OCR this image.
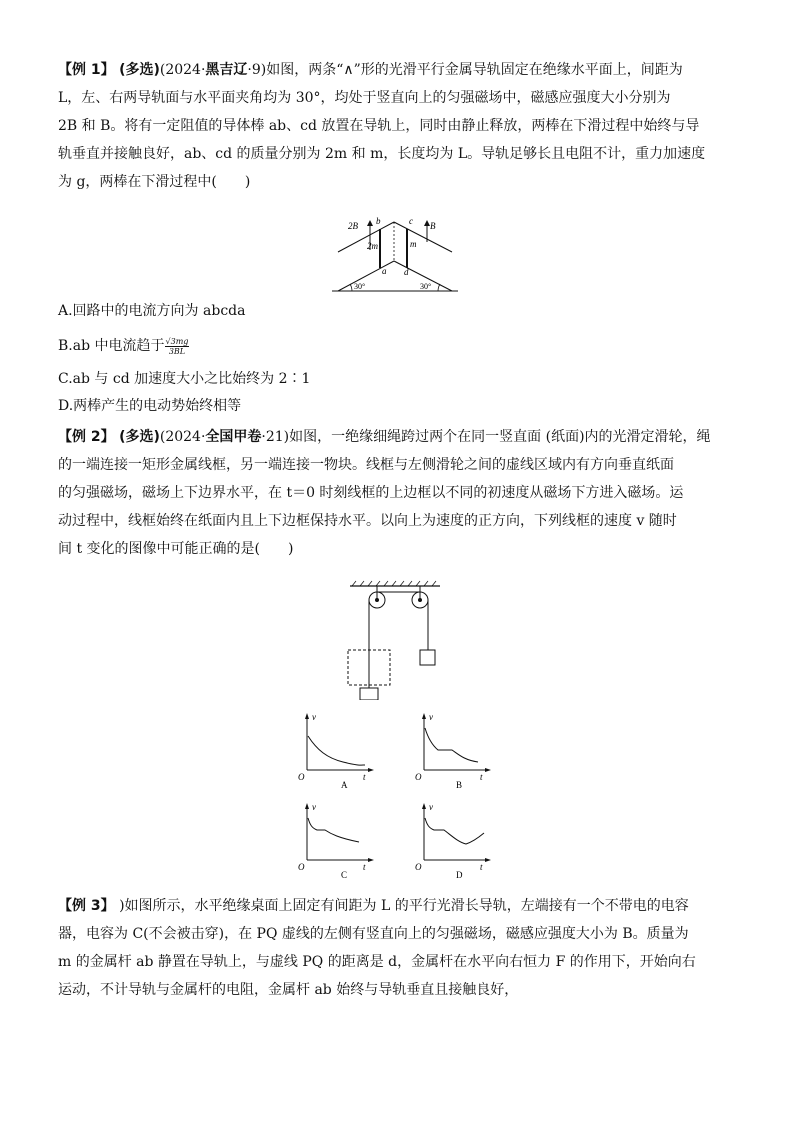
【例 1】 (多选)(2024·黑吉辽·9)如图，两条“∧”形的光滑平行金属导轨固定在绝缘水平面上，间距为
L，左、右两导轨面与水平面夹角均为 30°，均处于竖直向上的匀强磁场中，磁感应强度大小分别为
2B 和 B。将有一定阻值的导体棒 ab、cd 放置在导轨上，同时由静止释放，两棒在下滑过程中始终与导
轨垂直并接触良好，ab、cd 的质量分别为 2m 和 m，长度均为 L。导轨足够长且电阻不计，重力加速度
为 g，两棒在下滑过程中(　　)
2B	B
b	c
a d
2m	m
30°	30°
A.回路中的电流方向为 abcda
B.ab 中电流趋于 $\frac{√3mg}{3BL}$
C.ab 与 cd 加速度大小之比始终为 2∶1
D.两棒产生的电动势始终相等
【例 2】 (多选)(2024·全国甲卷·21)如图，一绝缘细绳跨过两个在同一竖直面 (纸面)内的光滑定滑轮，绳
的一端连接一矩形金属线框，另一端连接一物块。线框与左侧滑轮之间的虚线区域内有方向垂直纸面
的匀强磁场，磁场上下边界水平，在 t＝0 时刻线框的上边框以不同的初速度从磁场下方进入磁场。运
动过程中，线框始终在纸面内且上下边框保持水平。以向上为速度的正方向，下列线框的速度 v 随时
间 t 变化的图像中可能正确的是(　　)
v
t
O
A
v
t
O
B
v
t
O
C
v
t
O
D
【例 3】 )如图所示，水平绝缘桌面上固定有间距为 L 的平行光滑长导轨，左端接有一个不带电的电容
器，电容为 C(不会被击穿)，在 PQ 虚线的左侧有竖直向上的匀强磁场，磁感应强度大小为 B。质量为
m 的金属杆 ab 静置在导轨上，与虚线 PQ 的距离是 d，金属杆在水平向右恒力 F 的作用下，开始向右
运动，不计导轨与金属杆的电阻，金属杆 ab 始终与导轨垂直且接触良好，
